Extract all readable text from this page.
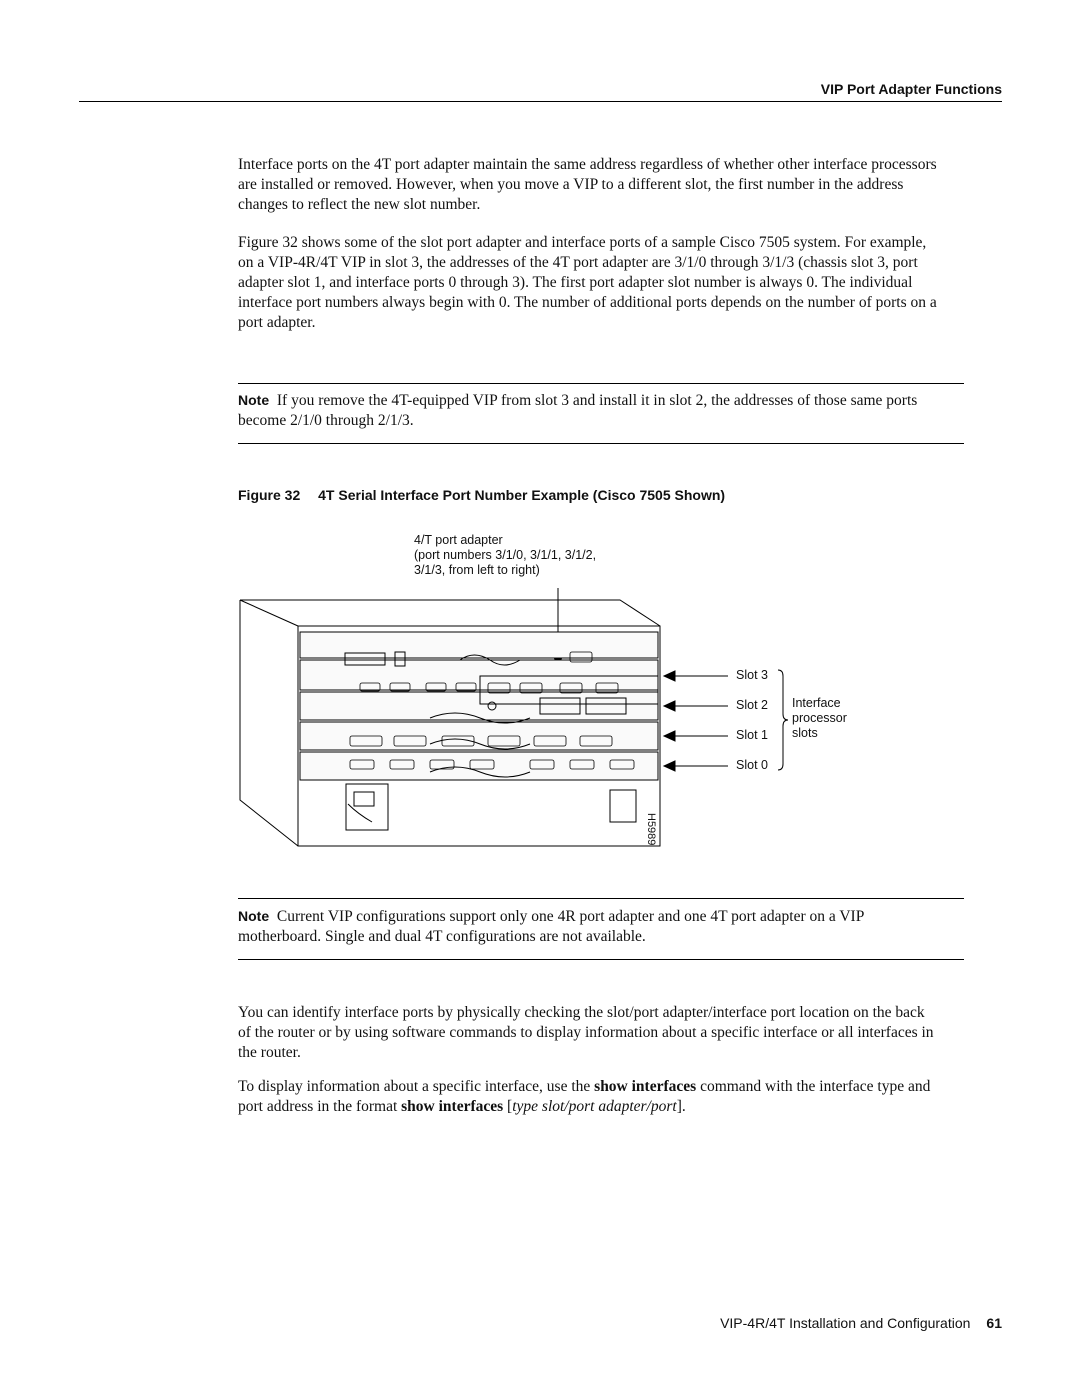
VIP Port Adapter Functions

Interface ports on the 4T port adapter maintain the same address regardless of whether other interface processors are installed or removed. However, when you move a VIP to a different slot, the first number in the address changes to reflect the new slot number.

Figure 32 shows some of the slot port adapter and interface ports of a sample Cisco 7505 system. For example, on a VIP-4R/4T VIP in slot 3, the addresses of the 4T port adapter are 3/1/0 through 3/1/3 (chassis slot 3, port adapter slot 1, and interface ports 0 through 3). The first port adapter slot number is always 0. The individual interface port numbers always begin with 0. The number of additional ports depends on the number of ports on a port adapter.

Note If you remove the 4T-equipped VIP from slot 3 and install it in slot 2, the addresses of those same ports become 2/1/0 through 2/1/3.

Figure 32 4T Serial Interface Port Number Example (Cisco 7505 Shown)
4/T port adapter
(port numbers 3/1/0, 3/1/1, 3/1/2,
3/1/3, from left to right)
Slot 3
Slot 2
Slot 1
Slot 0
Interface
processor
slots
H5989

Note Current VIP configurations support only one 4R port adapter and one 4T port adapter on a VIP motherboard. Single and dual 4T configurations are not available.

You can identify interface ports by physically checking the slot/port adapter/interface port location on the back of the router or by using software commands to display information about a specific interface or all interfaces in the router.

To display information about a specific interface, use the show interfaces command with the interface type and port address in the format show interfaces [type slot/port adapter/port].

VIP-4R/4T Installation and Configuration 61
